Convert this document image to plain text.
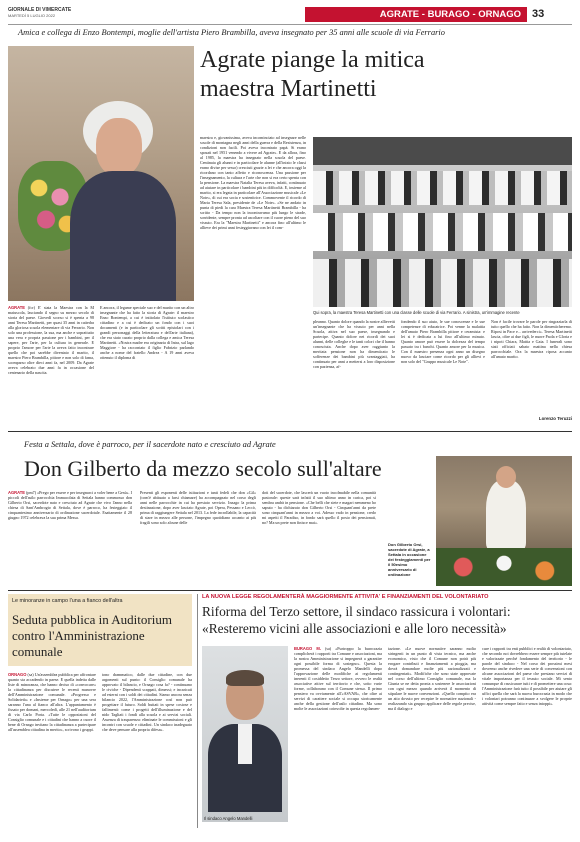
GIORNALE DI VIMERCATE
MARTEDÌ 5 LUGLIO 2022	AGRATE - BURAGO - ORNAGO	33
Amica e collega di Enzo Bontempi, moglie dell'artista Piero Brambilla, aveva insegnato per 35 anni alle scuole di via Ferrario
Agrate piange la mitica
maestra Martinetti
Qui sopra, la maestra Teresa Martinetti con una classe delle scuole di via Ferrario. A sinistra, un'immagine recente
AGRATE (fcr) E' stata la Maestra con la M maiuscola, lasciando il segno su mezzo secolo di storia del paese. Giovedì scorso si è spenta a 98 anni Teresa Martinetti, per quasi 35 anni in cattedra alla gloriosa scuola elementare di via Ferrario. Non solo una professione, la sua, ma anche e soprattutto una vera e propria passione per i bambini, per il sapere, per l'arte, per la cultura in generale. E proprio l'amore per l'arte la aveva fatto incontrare quello che poi sarebbe diventato il marito, il maestro Piero Brambilla, pittore e non solo di fama, scomparso oltre dieci anni fa, nel 2009. Da Agrate aveva celebrato due anni fa in occasione del centenario della nascita.
E ancora, il legame speciale suo e del marito con un altro insegnante che ha fatto la storia di Agrate: il maestro Enzo Bontempi, a cui è intitolato l'istituto scolastico cittadino e a cui è dedicato un fondo con i suoi documenti (e in particolare gli scritti epistolari con i grandi personaggi della letteratura e dell'arte italiana), che era stato curato proprio dalla collega e amica Teresa Martinetti. «Nostra madre era originaria di Intra, sul lago Maggiore - ha raccontato il figlio Fabrizio parlando anche a nome del fratello Andrea - A 19 anni aveva ottenuto il diploma di
maestra e, giovanissima, aveva incominciato ad insegnare nelle scuole di montagna negli anni della guerra e della Resistenza, in condizioni non facili. Poi aveva incontrato papà. Si erano sposati nel 1951 venendo a vivere ad Agrate». E da allora, fino al 1985, la maestra ha insegnato nella scuola del paese. Centinaia gli alunni e in particolare le alunne (all'inizio le classi erano divise per sesso) cresciuti grazie a lei e che ancora oggi la ricordano con tanto affetto e riconoscenza. Una passione per l'insegnamento, la cultura e l'arte che non si era certo spenta con la pensione. La maestra Natalia Teresa aveva, infatti, continuato ad aiutare in particolare i bambini più in difficoltà. E, insieme al marito, si era legata in particolare all'Associazione musicale «Le Note», di cui era socia e sostenitrice. Commovente il ricordo di Maria Teresa Sala, presidente de «Le Note». «Se ne andato in punta di piedi la cara Maestra Teresa Martinetti Brambilla - ha scritto - Da tempo non la incontravamo più lungo le strade, sorridente, sempre pronta ad ascoltare con il cuore pieno del suo vissuto. Era la "Maestra Martinetti" e ancora fino all'ultimo le allieve dei primi anni festeggiavano con lei il com-
pleanno. Quanto dolore quando la nostre allievetti un'insegnante che ha vissuto per anni nella Scuola, attiva nel suo paese, insegnando e partecipe. Quanto dolore nei ricordi dei suoi alunni, delle colleghe e le tanti colori che il hanno conosciuta. Anche dopo aver raggiunto la meritata pensione non ha dimenticato le sofferenze dei bambini più svantaggiati, ha continuato per anni a mettersi a loro disposizione con pazienza, af-
fondendo il suo aiuto, le sue conoscenze e le sue competenze di educatrice. Poi venne la malattia dell'amato Piero Brambilla pittore e ceramista: e lei si è dedicata a lui fino all'ultimo minuto. Quanto amore può essere la dolcezza del tempo passato tra i banchi. Quanto amore per la musica. Con il maestro presenza ogni anno un disegno nuovo da lasciare come ricordo per gli allievi e non solo del "Gruppo musicale Le Note".
Non è facile trovare le parole per ringraziarla di tutto quello che ha fatto. Non la dimenticheremo. Riposi in Pace e... arrivederci». Teresa Martinetti lascia, oltre ai due figli, le nuore Paola e Gloria e i nipoti Chiara, Mattia e Gaia. I funerali sono stati officiati sabato mattina nella chiesa parrocchiale. Ora la maestra riposa accanto all'amato marito.
Lorenzo Teruzzi
Festa a Settala, dove è parroco, per il sacerdote nato e cresciuto ad Agrate
Don Gilberto da mezzo secolo sull'altare
AGRATE (pm7) «Prego per essere e per insegnarci a voler bene a Gesù». I piccoli dell'asilo parrocchia Immacolata di Settala hanno commosso don Gilberto Orsi, sacerdote nato e cresciuto ad Agrate che vivo l'anno nella chiesa di Sant'Ambrogio di Settala, dove è parroco, ha festeggiato il cinquantesimo anniversario di ordinazione sacerdotale. Esattamente il 28 giugno 1972 celebrava la sua prima Messa.
Presenti gli esponenti delle istituzioni e tanti fedeli che don «Gil» (com'è abituato a farsi chiamare) ha accompagnato nel corso degli anni nelle parrocchie in cui ha prestato servizio. Inzago la prima destinazione, dopo aver lasciato Agrate, poi Opera, Pessano e Leccò, prima di raggiungere Settala nel 2013. La fede incrollabile, la capacità di stare in mezzo alle persone, l'impegno quotidiano accanto ai più fragili sono solo alcune delle
doti del sacerdote, che lascerà un vuoto incolmabile nella comunità pastorale: queste sarà infatti il suo ultimo anno in carica, poi si sembra andrà in pensione. «Che belli che siete e magari nemmeno ho saputo - ha dichiarato don Gilberto Orsi - Cinquant'anni da prete sono cinquant'anni in mezzo a voi. Adesso vado in pensione, credo mi aspetti il Paradiso, in fondo sarà quello il posto dei pensionati, no? Ma un prete non finisce mai».
Don Gilberto Orsi, sacerdote di Agrate, a Settala in occasione dei festeggiamenti per il 50esimo anniversario di ordinazione
Le minoranze in campo l'una a fianco dell'altra
Seduta pubblica in Auditorium
contro l'Amministrazione comunale
ORNAGO (sa) Un'assemblea pubblica per affrontare quanto sta accadendo in paese. E quella indetta dalle liste di minoranza, che hanno deciso di «convocare» la cittadinanza per discutere le recenti manovre dell'Amministrazione comunale. «Progresso e Solidarietà» e «Insieme per Ornago» per una sera saranno l'una al fianco all'altra. L'appuntamento è fissato per domani, mercoledì, alle 21 nell'auditorium di via Carlo Porta. «Tutte le opposizioni del Consiglio comunale e i cittadini che hanno a cuore il bene di Ornago invitano la cittadinanza a partecipare all'assemblea cittadina in merito», scrivono i gruppi.
tono drammatico, dalle due cittadine, con due argomenti sul punto: il Consiglio comunale ha approvato il bilancio, e Ornago cosa fa? - continuano le civiche - Dipendenti scappati, dimessi; e incaricati ad esterni con i soldi dei cittadini. Siamo ancora senza bilancio 2022, l'Amministrazione così non può progettare il futuro. Soldi buttati in spese costose e fallimenti: come i progetti dell'illuminazione e del nido Tagliati i fondi alla scuola e ai servizi sociali. Assenza di trasparenza: eliminate le commissioni e gli incontri con scuole e cittadini. Un sindaco inadeguato che deve pensare alla propria difesa».
LA NUOVA LEGGE REGOLAMENTERÀ MAGGIORMENTE ATTIVITA' E FINANZIAMENTI DEL VOLONTARIATO
Riforma del Terzo settore, il sindaco rassicura i volontari:
«Resteremo vicini alle associazioni e alle loro necessità»
Il sindaco Angelo Mandelli
BURAGO M. (sa) «Purtroppo la burocrazia complicherà i rapporti tra Comune e associazioni, ma la nostra Amministrazione si impegnerà a garantire ogni possibile forma di sostegno». Questa la promessa del sindaco Angelo Mandelli dopo l'approvazione delle modifiche ai regolamenti inerenti il cosiddetto Terzo settore, ovvero le realtà associative attive sul territorio e che, sotto varie forme, collaborano con il Comune stesso. Il primo pensiero va ovviamente all'«ASVAB», che oltre ai servizi di carattere sociale si occupa storicamente anche della gestione dell'asilo cittadino. Ma sono molte le associazioni coinvolte in questa regolamen-
tazione. «Le nuove normative saranno molto stringenti in un punto di vista tecnico, ma anche economico, visto che il Comune non potrà più erogare contributi e finanziamenti a pioggia, ma dovrà domandare molte più razionalizzati e contingentati». Modifiche che sono state approvate nel corso dell'ultimo Consiglio comunale, ma la Giunta se ne detta pronta a sostenere le associazioni con ogni mezzo quando arriverà il momento di stipulare le nuove convenzioni. «Quello compito era un atto dovuto per recepire le normative nazionali - realizzando sia gruppo applicare delle regole precise, ma il dialogo e
cure i rapporti tra enti pubblici e realtà di volontariato, che secondo noi dovrebbero essere sempre più tutelate e valorizzate perché fondamento del territorio - le parole del sindaco - Nel corso dei prossimi mesi dovremo anche rivedere una serie di convenzioni con alcune associazioni del paese che prestano servizi di vitale importanza per il tessuto sociale. Mi sento comunque di rassicurare tutti e di promettere una cosa: l'Amministrazione farà tutto il possibile per aiutare gli uffici quella che sarà la nuova burocrazia in modo che i volontari potranno continuare a svolgere le proprie attività come sempre fatto e senza intoppi».
